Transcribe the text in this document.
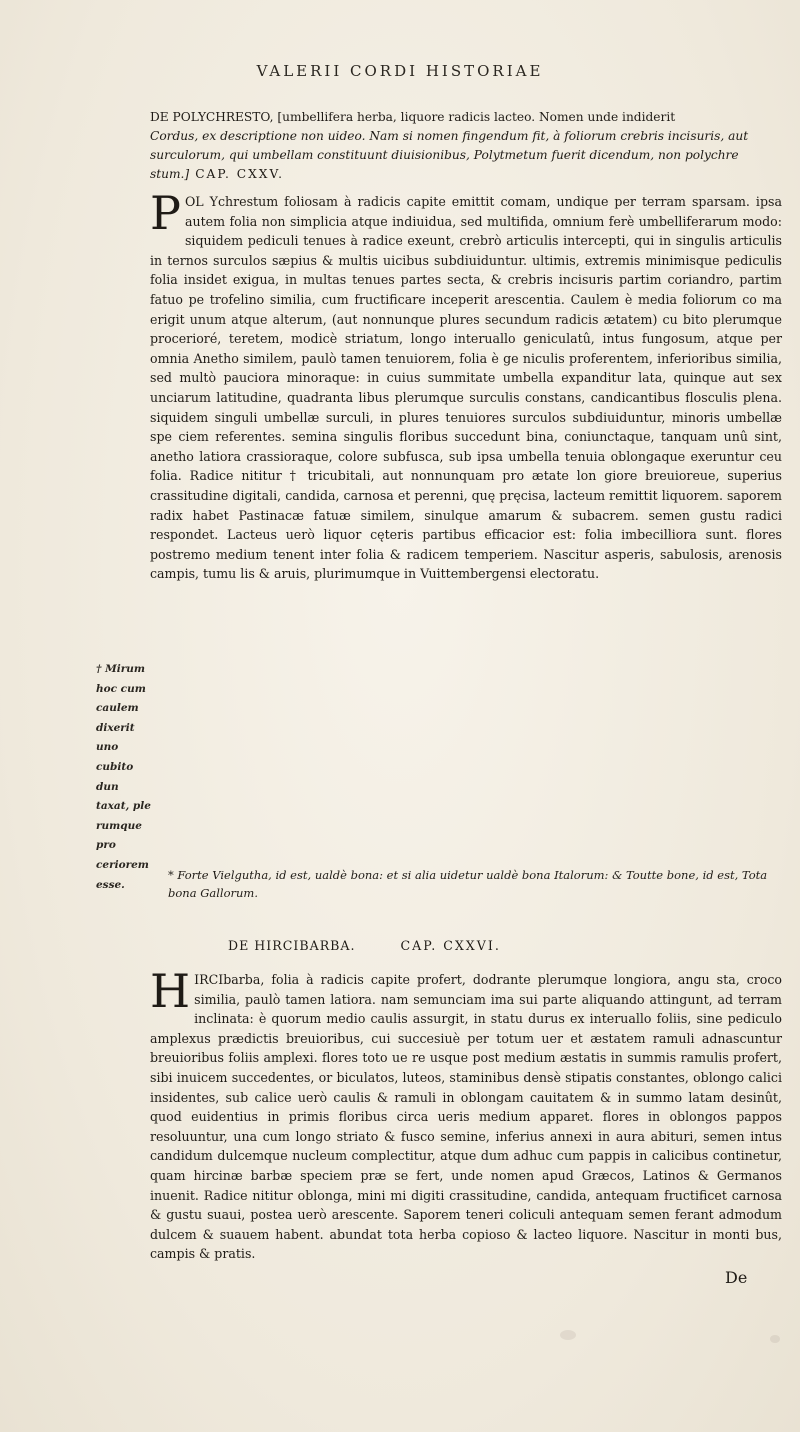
VALERII CORDI HISTORIAE
DE POLYCHRESTO, [umbellifera herba, liquore radicis lacteo. Nomen unde indiderit
Cordus, ex descriptione non uideo. Nam si nomen fingendum fit, à foliorum crebris incisuris, aut
surculorum, qui umbellam constituunt diuisionibus, Polytmetum fuerit dicendum, non polychre
stum.] CAP. CXXV.
POL Ychrestum foliosam à radicis capite emittit comam, undique per terram sparsam. ipsa autem folia non simplicia atque indiuidua, sed multifida, omnium ferè umbelliferarum modo: siquidem pediculi tenues à radice exeunt, crebrò articulis intercepti, qui in singulis articulis in ternos surculos sæpius & multis uicibus subdiuiduntur. ultimis, extremis minimisque pediculis folia insidet exigua, in multas tenues partes secta, & crebris incisuris partim coriandro, partim fatuo pe trofelino similia, cum fructificare inceperit arescentia. Caulem è media foliorum co ma erigit unum atque alterum, (aut nonnunque plures secundum radicis ætatem) cu bito plerumque procerioré, teretem, modicè striatum, longo interuallo geniculatû, intus fungosum, atque per omnia Anetho similem, paulò tamen tenuiorem, folia è ge niculis proferentem, inferioribus similia, sed multò pauciora minoraque: in cuius summitate umbella expanditur lata, quinque aut sex unciarum latitudine, quadranta libus plerumque surculis constans, candicantibus flosculis plena. siquidem singuli umbellæ surculi, in plures tenuiores surculos subdiuiduntur, minoris umbellæ spe ciem referentes. semina singulis floribus succedunt bina, coniunctaque, tanquam unû sint, anetho latiora crassioraque, colore subfusca, sub ipsa umbella tenuia oblongaque exeruntur ceu folia. Radice nititur † tricubitali, aut nonnunquam pro ætate lon giore breuioreue, superius crassitudine digitali, candida, carnosa et perenni, quę pręcisa, lacteum remittit liquorem. saporem radix habet Pastinacæ fatuæ similem, sinulque amarum & subacrem. semen gustu radici respondet. Lacteus uerò liquor cęteris partibus efficacior est: folia imbecilliora sunt. flores postremo medium tenent inter folia & radicem temperiem. Nascitur asperis, sabulosis, arenosis campis, tumu lis & aruis, plurimumque in Vuittembergensi electoratu.
† Mirum hoc cum caulem dixerit uno cubito dun taxat, ple rumque pro ceriorem esse.
* Forte Vielgutha, id est, ualdè bona: et si alia uidetur ualdè bona Italorum: & Toutte bone, id est, Tota bona Gallorum.
DE HIRCIBARBA.	CAP. CXXVI.
H IRCIbarba, folia à radicis capite profert, dodrante plerumque longiora, angu sta, croco similia, paulò tamen latiora. nam semunciam ima sui parte aliquando attingunt, ad terram inclinata: è quorum medio caulis assurgit, in statu durus ex interuallo foliis, sine pediculo amplexus prædictis breuioribus, cui succesiuè per totum uer et æstatem ramuli adnascuntur breuioribus foliis amplexi. flores toto ue re usque post medium æstatis in summis ramulis profert, sibi inuicem succedentes, or biculatos, luteos, staminibus densè stipatis constantes, oblongo calici insidentes, sub calice uerò caulis & ramuli in oblongam cauitatem & in summo latam desinût, quod euidentius in primis floribus circa ueris medium apparet. flores in oblongos pappos resoluuntur, una cum longo striato & fusco semine, inferius annexi in aura abituri, semen intus candidum dulcemque nucleum complectitur, atque dum adhuc cum pappis in calicibus continetur, quam hircinæ barbæ speciem præ se fert, unde nomen apud Græcos, Latinos & Germanos inuenit. Radice nititur oblonga, mini mi digiti crassitudine, candida, antequam fructificet carnosa & gustu suaui, postea uerò arescente. Saporem teneri coliculi antequam semen ferant admodum dulcem & suauem habent. abundat tota herba copioso & lacteo liquore. Nascitur in monti bus, campis & pratis.
De
